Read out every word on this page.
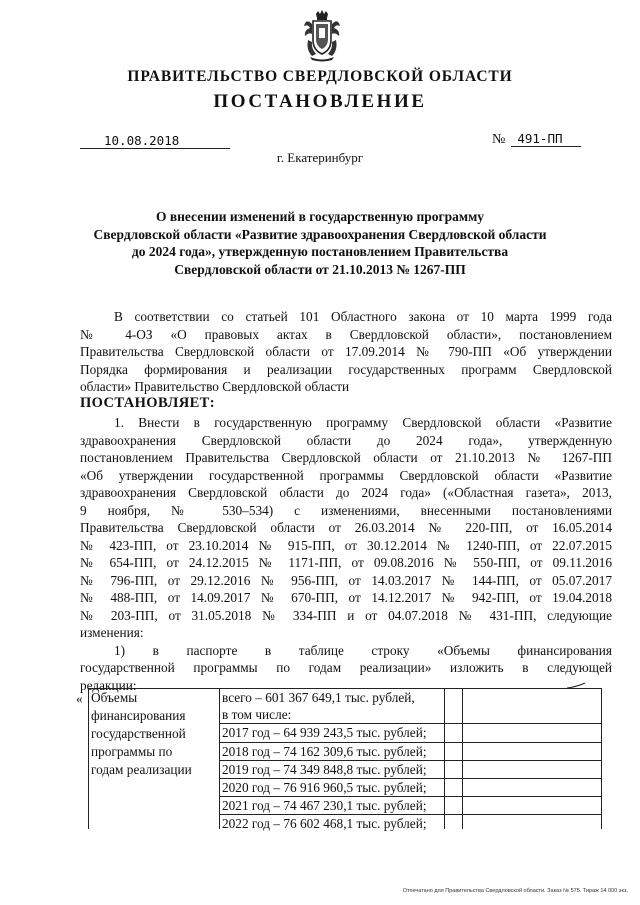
ПРАВИТЕЛЬСТВО СВЕРДЛОВСКОЙ ОБЛАСТИ
ПОСТАНОВЛЕНИЕ
10.08.2018	№ 491-ПП
г. Екатеринбург
О внесении изменений в государственную программу
Свердловской области «Развитие здравоохранения Свердловской области
до 2024 года», утвержденную постановлением Правительства
Свердловской области от 21.10.2013 № 1267-ПП
В соответствии со статьей 101 Областного закона от 10 марта 1999 года
№ 4-ОЗ «О правовых актах в Свердловской области», постановлением
Правительства Свердловской области от 17.09.2014 № 790-ПП «Об утверждении
Порядка формирования и реализации государственных программ Свердловской
области» Правительство Свердловской области
ПОСТАНОВЛЯЕТ:
1. Внести в государственную программу Свердловской области «Развитие
здравоохранения Свердловской области до 2024 года», утвержденную
постановлением Правительства Свердловской области от 21.10.2013 № 1267-ПП
«Об утверждении государственной программы Свердловской области «Развитие
здравоохранения Свердловской области до 2024 года» («Областная газета», 2013,
9 ноября, № 530–534) с изменениями, внесенными постановлениями
Правительства Свердловской области от 26.03.2014 № 220-ПП, от 16.05.2014
№ 423-ПП, от 23.10.2014 № 915-ПП, от 30.12.2014 № 1240-ПП, от 22.07.2015
№ 654-ПП, от 24.12.2015 № 1171-ПП, от 09.08.2016 № 550-ПП, от 09.11.2016
№ 796-ПП, от 29.12.2016 № 956-ПП, от 14.03.2017 № 144-ПП, от 05.07.2017
№ 488-ПП, от 14.09.2017 № 670-ПП, от 14.12.2017 № 942-ПП, от 19.04.2018
№ 203-ПП, от 31.05.2018 № 334-ПП и от 04.07.2018 № 431-ПП, следующие
изменения:
1) в паспорте в таблице строку «Объемы финансирования
государственной программы по годам реализации» изложить в следующей
редакции:
« Объемы
финансирования
государственной
программы по
годам реализации
всего – 601 367 649,1 тыс. рублей,
в том числе:
2017 год – 64 939 243,5 тыс. рублей;
2018 год – 74 162 309,6 тыс. рублей;
2019 год – 74 349 848,8 тыс. рублей;
2020 год – 76 916 960,5 тыс. рублей;
2021 год – 74 467 230,1 тыс. рублей;
2022 год – 76 602 468,1 тыс. рублей;
Отпечатано для Правительства Свердловской области. Заказ № 575. Тираж 14 000 экз.
